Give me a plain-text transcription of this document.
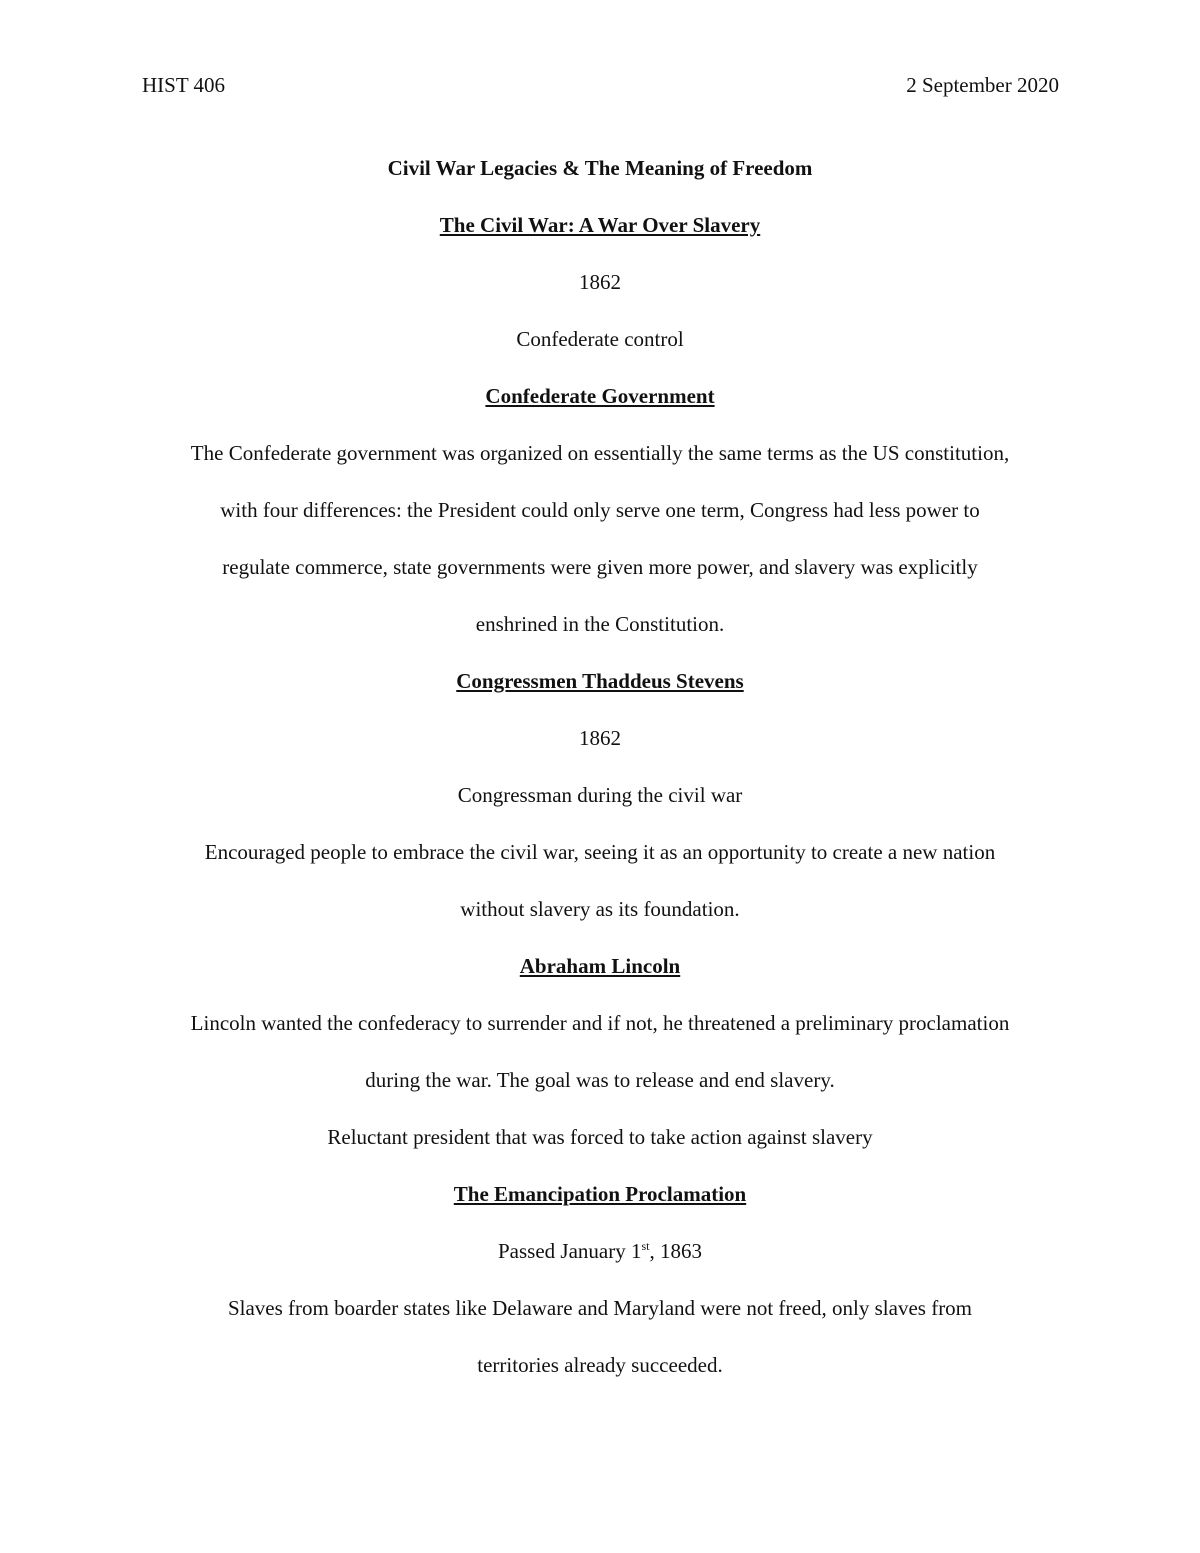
HIST 406	2 September 2020

Civil War Legacies & The Meaning of Freedom

The Civil War: A War Over Slavery

1862

Confederate control

Confederate Government

The Confederate government was organized on essentially the same terms as the US constitution,

with four differences: the President could only serve one term, Congress had less power to

regulate commerce, state governments were given more power, and slavery was explicitly

enshrined in the Constitution.

Congressmen Thaddeus Stevens

1862

Congressman during the civil war

Encouraged people to embrace the civil war, seeing it as an opportunity to create a new nation

without slavery as its foundation.

Abraham Lincoln

Lincoln wanted the confederacy to surrender and if not, he threatened a preliminary proclamation

during the war. The goal was to release and end slavery.

Reluctant president that was forced to take action against slavery

The Emancipation Proclamation

Passed January 1st, 1863

Slaves from boarder states like Delaware and Maryland were not freed, only slaves from

territories already succeeded.
